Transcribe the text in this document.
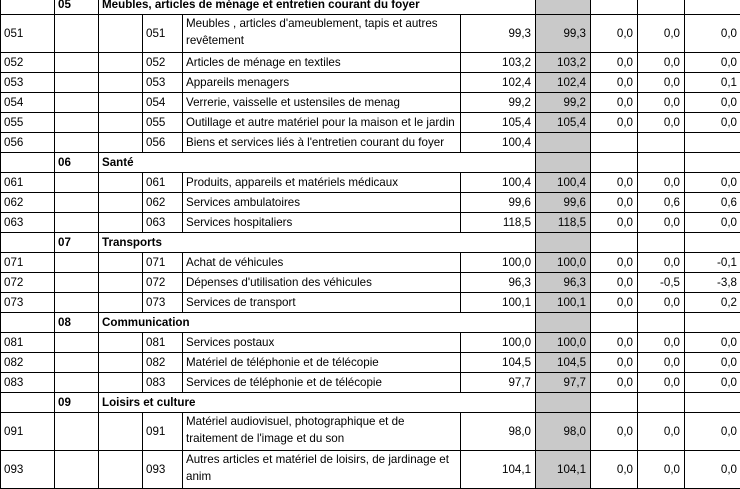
	05	Meubles, articles de ménage et entretien courant du foyer							
051			051	Meubles , articles d'ameublement, tapis et autres revêtement	99,3	99,3	0,0	0,0	0,0
052			052	Articles de ménage en textiles	103,2	103,2	0,0	0,0	0,0
053			053	Appareils menagers	102,4	102,4	0,0	0,0	0,1
054			054	Verrerie, vaisselle et ustensiles de menag	99,2	99,2	0,0	0,0	0,0
055			055	Outillage et autre matériel pour la maison et le jardin	105,4	105,4	0,0	0,0	0,0
056			056	Biens et services liés à l'entretien courant du foyer	100,4				
	06	Santé							
061			061	Produits, appareils et matériels médicaux	100,4	100,4	0,0	0,0	0,0
062			062	Services ambulatoires	99,6	99,6	0,0	0,6	0,6
063			063	Services hospitaliers	118,5	118,5	0,0	0,0	0,0
	07	Transports							
071			071	Achat de véhicules	100,0	100,0	0,0	0,0	-0,1
072			072	Dépenses d'utilisation des véhicules	96,3	96,3	0,0	-0,5	-3,8
073			073	Services de transport	100,1	100,1	0,0	0,0	0,2
	08	Communication							
081			081	Services postaux	100,0	100,0	0,0	0,0	0,0
082			082	Matériel de téléphonie et de télécopie	104,5	104,5	0,0	0,0	0,0
083			083	Services de téléphonie et de télécopie	97,7	97,7	0,0	0,0	0,0
	09	Loisirs et culture							
091			091	Matériel audiovisuel, photographique et de traitement de l'image et du son	98,0	98,0	0,0	0,0	0,0
093			093	Autres articles et matériel de loisirs, de jardinage et anim	104,1	104,1	0,0	0,0	0,0
